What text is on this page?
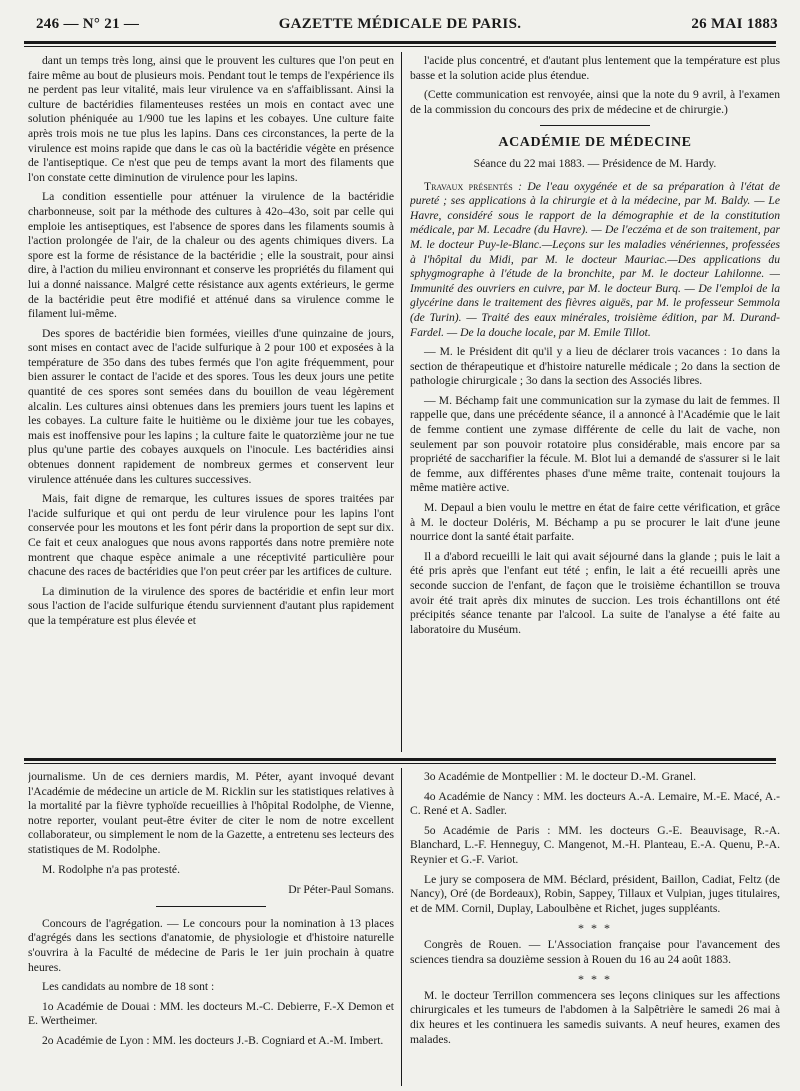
246 — N° 21 —	GAZETTE MÉDICALE DE PARIS.	26 MAI 1883

dant un temps très long, ainsi que le prouvent les cultures que l'on peut en faire même au bout de plusieurs mois. Pendant tout le temps de l'expérience ils ne perdent pas leur vitalité, mais leur virulence va en s'affaiblissant. Ainsi la culture de bactéridies filamenteuses restées un mois en contact avec une solution phéniquée au 1/900 tue les lapins et les cobayes. Une culture faite après trois mois ne tue plus les lapins. Dans ces circonstances, la perte de la virulence est moins rapide que dans le cas où la bactéridie végète en présence de l'antiseptique. Ce n'est que peu de temps avant la mort des filaments que l'on constate cette diminution de virulence pour les lapins.

La condition essentielle pour atténuer la virulence de la bactéridie charbonneuse, soit par la méthode des cultures à 42o–43o, soit par celle qui emploie les antiseptiques, est l'absence de spores dans les filaments soumis à l'action prolongée de l'air, de la chaleur ou des agents chimiques divers. La spore est la forme de résistance de la bactéridie ; elle la soustrait, pour ainsi dire, à l'action du milieu environnant et conserve les propriétés du filament qui lui a donné naissance. Malgré cette résistance aux agents extérieurs, le germe de la bactéridie peut être modifié et atténué dans sa virulence comme le filament lui-même.

Des spores de bactéridie bien formées, vieilles d'une quinzaine de jours, sont mises en contact avec de l'acide sulfurique à 2 pour 100 et exposées à la température de 35o dans des tubes fermés que l'on agite fréquemment, pour bien assurer le contact de l'acide et des spores. Tous les deux jours une petite quantité de ces spores sont semées dans du bouillon de veau légèrement alcalin. Les cultures ainsi obtenues dans les premiers jours tuent les lapins et les cobayes. La culture faite le huitième ou le dixième jour tue les cobayes, mais est inoffensive pour les lapins ; la culture faite le quatorzième jour ne tue plus qu'une partie des cobayes auxquels on l'inocule. Les bactéridies ainsi obtenues donnent rapidement de nombreux germes et conservent leur virulence atténuée dans les cultures successives.

Mais, fait digne de remarque, les cultures issues de spores traitées par l'acide sulfurique et qui ont perdu de leur virulence pour les lapins l'ont conservée pour les moutons et les font périr dans la proportion de sept sur dix. Ce fait et ceux analogues que nous avons rapportés dans notre première note montrent que chaque espèce animale a une réceptivité particulière pour chacune des races de bactéridies que l'on peut créer par les artifices de culture.

La diminution de la virulence des spores de bactéridie et enfin leur mort sous l'action de l'acide sulfurique étendu surviennent d'autant plus rapidement que la température est plus élevée et

l'acide plus concentré, et d'autant plus lentement que la température est plus basse et la solution acide plus étendue.

(Cette communication est renvoyée, ainsi que la note du 9 avril, à l'examen de la commission du concours des prix de médecine et de chirurgie.)

ACADÉMIE DE MÉDECINE
Séance du 22 mai 1883. — Présidence de M. Hardy.

Travaux présentés : De l'eau oxygénée et de sa préparation à l'état de pureté ; ses applications à la chirurgie et à la médecine, par M. Baldy. — Le Havre, considéré sous le rapport de la démographie et de la constitution médicale, par M. Lecadre (du Havre). — De l'eczéma et de son traitement, par M. le docteur Puy-le-Blanc.—Leçons sur les maladies vénériennes, professées à l'hôpital du Midi, par M. le docteur Mauriac.—Des applications du sphygmographe à l'étude de la bronchite, par M. le docteur Lahilonne. —Immunité des ouvriers en cuivre, par M. le docteur Burq. — De l'emploi de la glycérine dans le traitement des fièvres aiguës, par M. le professeur Semmola (de Turin). — Traité des eaux minérales, troisième édition, par M. Durand-Fardel. — De la douche locale, par M. Emile Tillot.

— M. le Président dit qu'il y a lieu de déclarer trois vacances : 1o dans la section de thérapeutique et d'histoire naturelle médicale ; 2o dans la section de pathologie chirurgicale ; 3o dans la section des Associés libres.

— M. Béchamp fait une communication sur la zymase du lait de femmes. Il rappelle que, dans une précédente séance, il a annoncé à l'Académie que le lait de femme contient une zymase différente de celle du lait de vache, non seulement par son pouvoir rotatoire plus considérable, mais encore par sa propriété de saccharifier la fécule. M. Blot lui a demandé de s'assurer si le lait de femme, aux différentes phases d'une même traite, contenait toujours la même matière active.

M. Depaul a bien voulu le mettre en état de faire cette vérification, et grâce à M. le docteur Doléris, M. Béchamp a pu se procurer le lait d'une jeune nourrice dont la santé était parfaite.

Il a d'abord recueilli le lait qui avait séjourné dans la glande ; puis le lait a été pris après que l'enfant eut tété ; enfin, le lait a été recueilli après une seconde succion de l'enfant, de façon que le troisième échantillon se trouva avoir été trait après dix minutes de succion. Les trois échantillons ont été précipités séance tenante par l'alcool. La suite de l'analyse a été faite au laboratoire du Muséum.

journalisme. Un de ces derniers mardis, M. Péter, ayant invoqué devant l'Académie de médecine un article de M. Ricklin sur les statistiques relatives à la mortalité par la fièvre typhoïde recueillies à l'hôpital Rodolphe, de Vienne, notre reporter, voulant peut-être éviter de citer le nom de notre excellent collaborateur, ou simplement le nom de la Gazette, a entretenu ses lecteurs des statistiques de M. Rodolphe.

M. Rodolphe n'a pas protesté.

Dr Péter-Paul Somans.

Concours de l'agrégation. — Le concours pour la nomination à 13 places d'agrégés dans les sections d'anatomie, de physiologie et d'histoire naturelle s'ouvrira à la Faculté de médecine de Paris le 1er juin prochain à quatre heures.

Les candidats au nombre de 18 sont :

1o Académie de Douai : MM. les docteurs M.-C. Debierre, F.-X Demon et E. Wertheimer.

2o Académie de Lyon : MM. les docteurs J.-B. Cogniard et A.-M. Imbert.

3o Académie de Montpellier : M. le docteur D.-M. Granel.

4o Académie de Nancy : MM. les docteurs A.-A. Lemaire, M.-E. Macé, A.-C. René et A. Sadler.

5o Académie de Paris : MM. les docteurs G.-E. Beauvisage, R.-A. Blanchard, L.-F. Henneguy, C. Mangenot, M.-H. Planteau, E.-A. Quenu, P.-A. Reynier et G.-F. Variot.

Le jury se composera de MM. Béclard, président, Baillon, Cadiat, Feltz (de Nancy), Oré (de Bordeaux), Robin, Sappey, Tillaux et Vulpian, juges titulaires, et de MM. Cornil, Duplay, Laboulbène et Richet, juges suppléants.

* * *

Congrès de Rouen. — L'Association française pour l'avancement des sciences tiendra sa douzième session à Rouen du 16 au 24 août 1883.

* * *

M. le docteur Terrillon commencera ses leçons cliniques sur les affections chirurgicales et les tumeurs de l'abdomen à la Salpêtrière le samedi 26 mai à dix heures et les continuera les samedis suivants. A neuf heures, examen des malades.
